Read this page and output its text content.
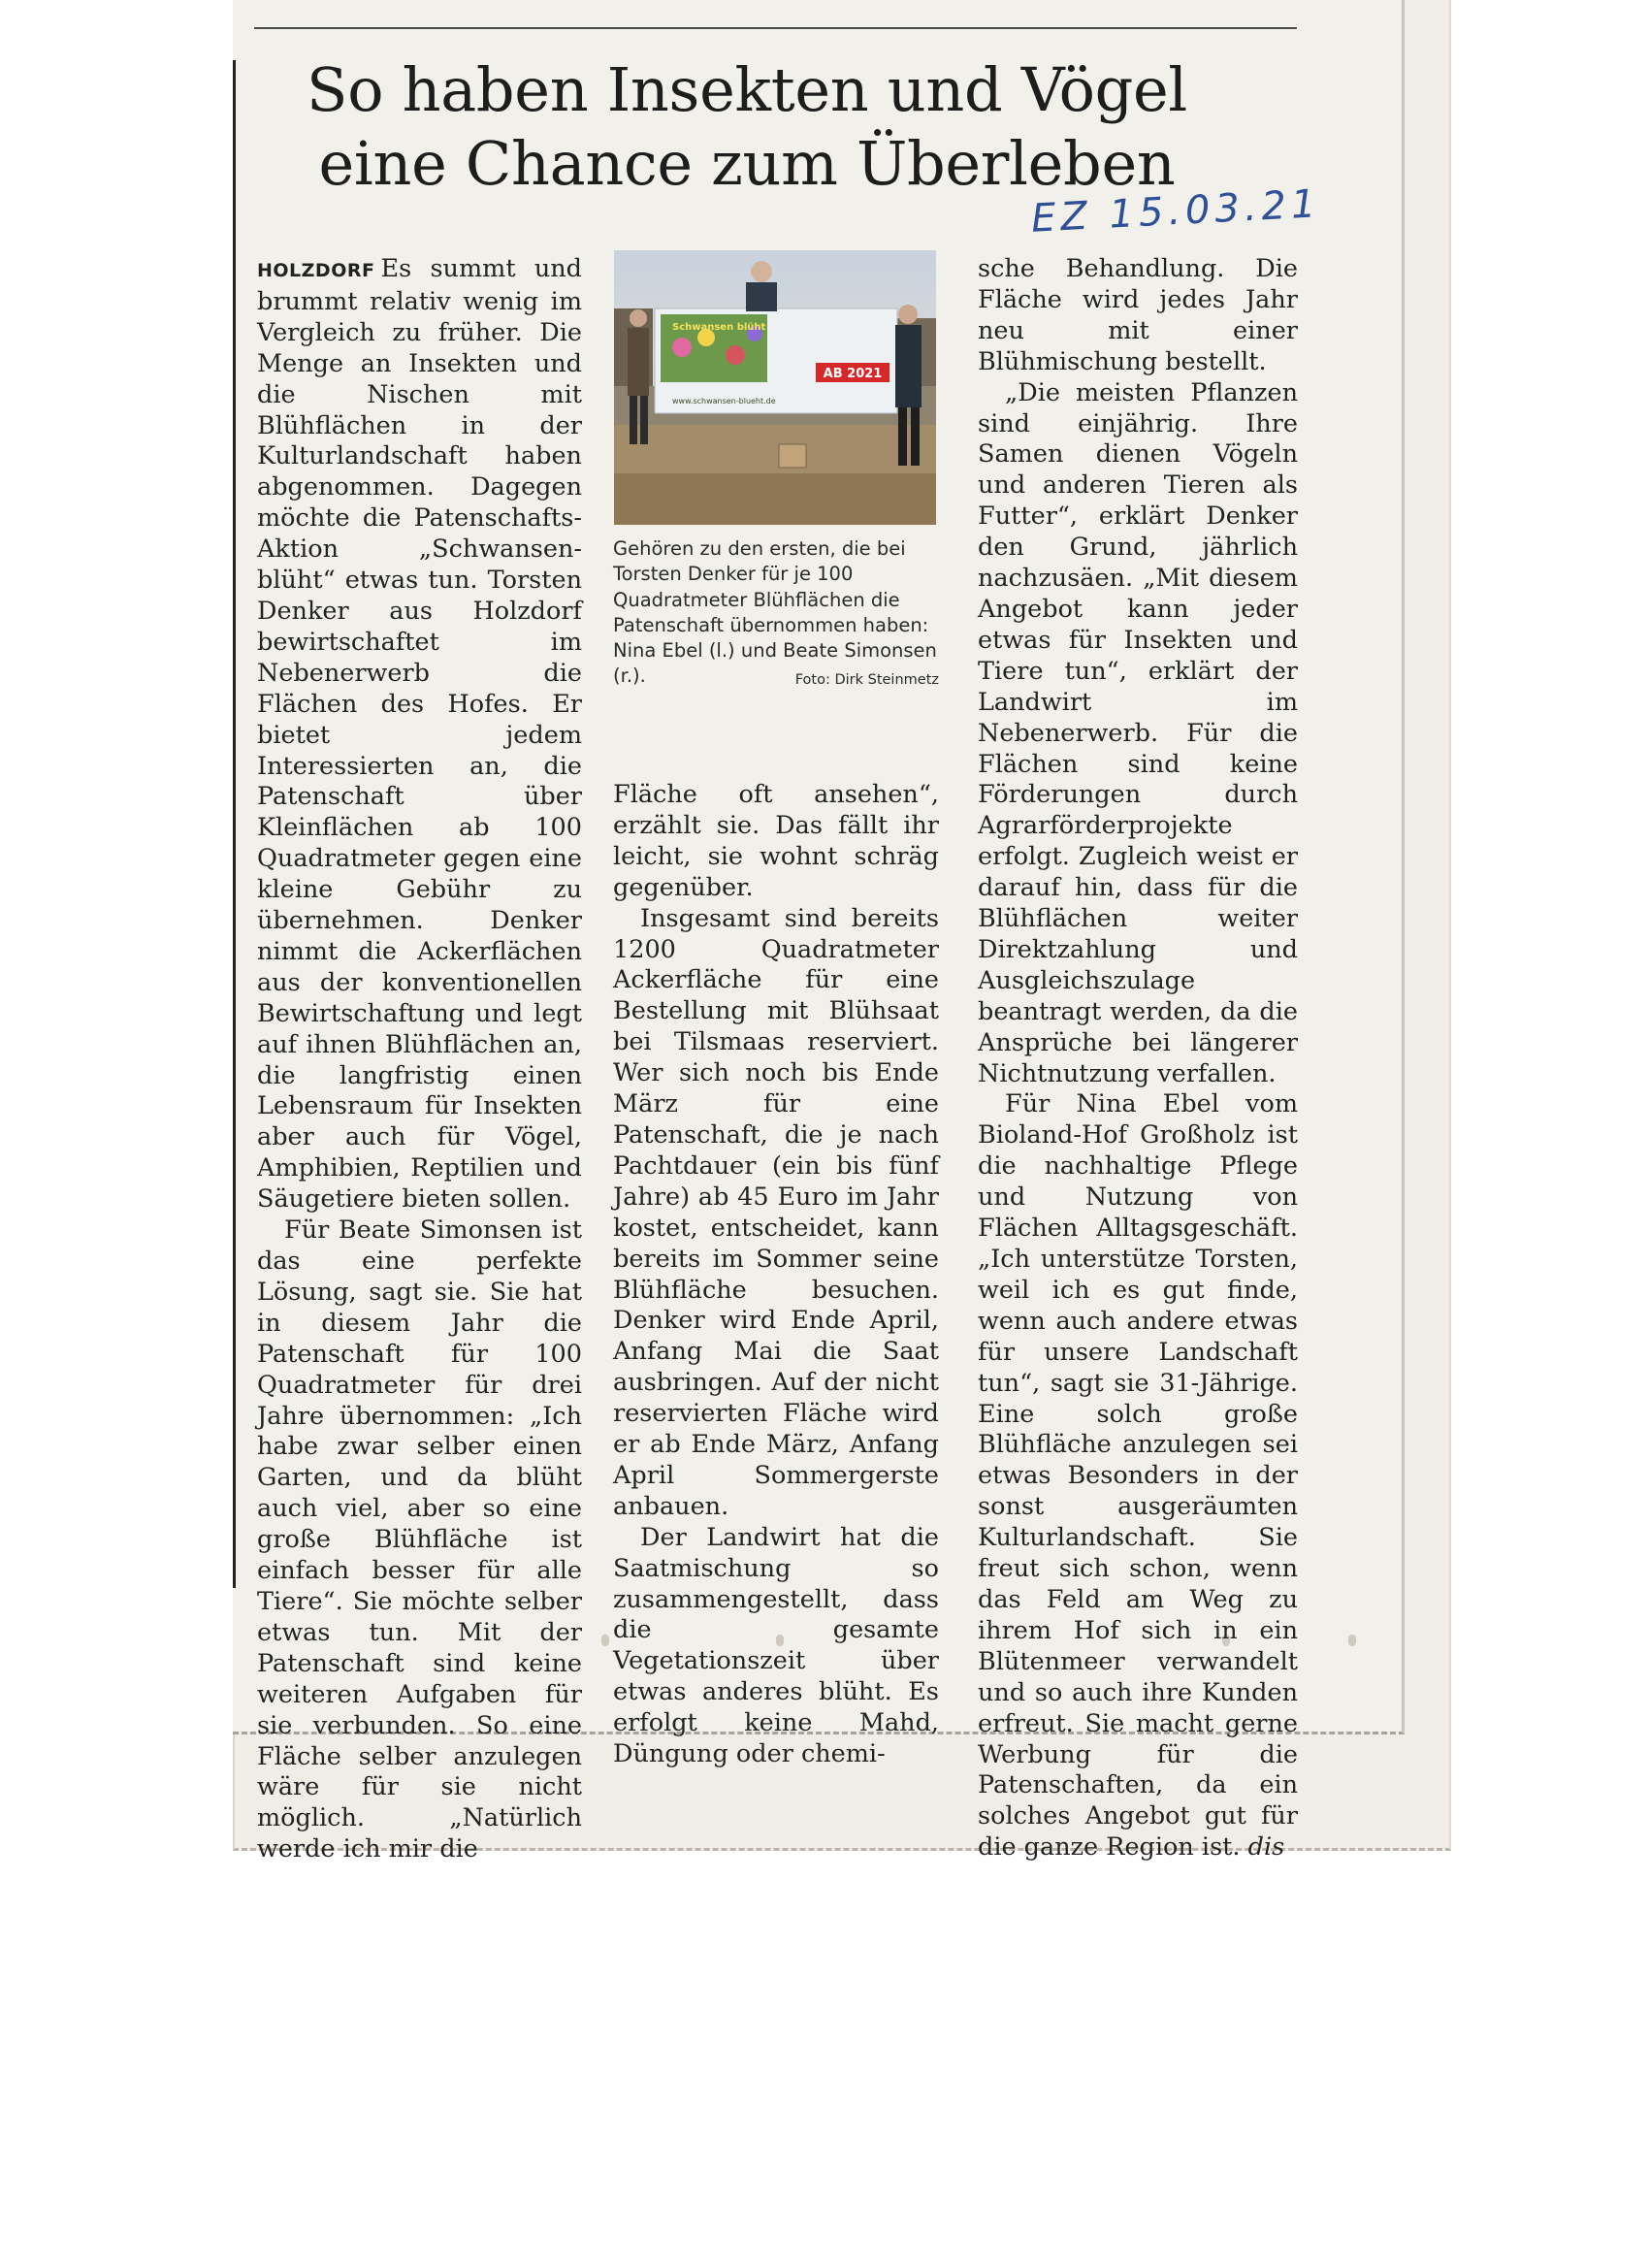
So haben Insekten und Vögel
eine Chance zum Überleben
EZ 15.03.21

HOLZDORF Es summt und brummt relativ wenig im Vergleich zu früher. Die Menge an Insekten und die Nischen mit Blühflächen in der Kulturlandschaft haben abgenommen. Dagegen möchte die Patenschafts-Aktion „Schwansen-blüht“ etwas tun. Torsten Denker aus Holzdorf bewirtschaftet im Nebenerwerb die Flächen des Hofes. Er bietet jedem Interessierten an, die Patenschaft über Kleinflächen ab 100 Quadratmeter gegen eine kleine Gebühr zu übernehmen. Denker nimmt die Ackerflächen aus der konventionellen Bewirtschaftung und legt auf ihnen Blühflächen an, die langfristig einen Lebensraum für Insekten aber auch für Vögel, Amphibien, Reptilien und Säugetiere bieten sollen.

Für Beate Simonsen ist das eine perfekte Lösung, sagt sie. Sie hat in diesem Jahr die Patenschaft für 100 Quadratmeter für drei Jahre übernommen: „Ich habe zwar selber einen Garten, und da blüht auch viel, aber so eine große Blühfläche ist einfach besser für alle Tiere“. Sie möchte selber etwas tun. Mit der Patenschaft sind keine weiteren Aufgaben für sie verbunden. So eine Fläche selber anzulegen wäre für sie nicht möglich. „Natürlich werde ich mir die

Schwansen blüht
AB 2021
www.schwansen-blueht.de
Gehören zu den ersten, die bei Torsten Denker für je 100 Quadratmeter Blühflächen die Patenschaft übernommen haben: Nina Ebel (l.) und Beate Simonsen (r.).	Foto: Dirk Steinmetz

Fläche oft ansehen“, erzählt sie. Das fällt ihr leicht, sie wohnt schräg gegenüber.

Insgesamt sind bereits 1200 Quadratmeter Ackerfläche für eine Bestellung mit Blühsaat bei Tilsmaas reserviert. Wer sich noch bis Ende März für eine Patenschaft, die je nach Pachtdauer (ein bis fünf Jahre) ab 45 Euro im Jahr kostet, entscheidet, kann bereits im Sommer seine Blühfläche besuchen. Denker wird Ende April, Anfang Mai die Saat ausbringen. Auf der nicht reservierten Fläche wird er ab Ende März, Anfang April Sommergerste anbauen.

Der Landwirt hat die Saatmischung so zusammengestellt, dass die gesamte Vegetationszeit über etwas anderes blüht. Es erfolgt keine Mahd, Düngung oder chemi-

sche Behandlung. Die Fläche wird jedes Jahr neu mit einer Blühmischung bestellt.

„Die meisten Pflanzen sind einjährig. Ihre Samen dienen Vögeln und anderen Tieren als Futter“, erklärt Denker den Grund, jährlich nachzusäen. „Mit diesem Angebot kann jeder etwas für Insekten und Tiere tun“, erklärt der Landwirt im Nebenerwerb. Für die Flächen sind keine Förderungen durch Agrarförderprojekte erfolgt. Zugleich weist er darauf hin, dass für die Blühflächen weiter Direktzahlung und Ausgleichszulage beantragt werden, da die Ansprüche bei längerer Nichtnutzung verfallen.

Für Nina Ebel vom Bioland-Hof Großholz ist die nachhaltige Pflege und Nutzung von Flächen Alltagsgeschäft. „Ich unterstütze Torsten, weil ich es gut finde, wenn auch andere etwas für unsere Landschaft tun“, sagt sie 31-Jährige. Eine solch große Blühfläche anzulegen sei etwas Besonders in der sonst ausgeräumten Kulturlandschaft. Sie freut sich schon, wenn das Feld am Weg zu ihrem Hof sich in ein Blütenmeer verwandelt und so auch ihre Kunden erfreut. Sie macht gerne Werbung für die Patenschaften, da ein solches Angebot gut für die ganze Region ist. dis
